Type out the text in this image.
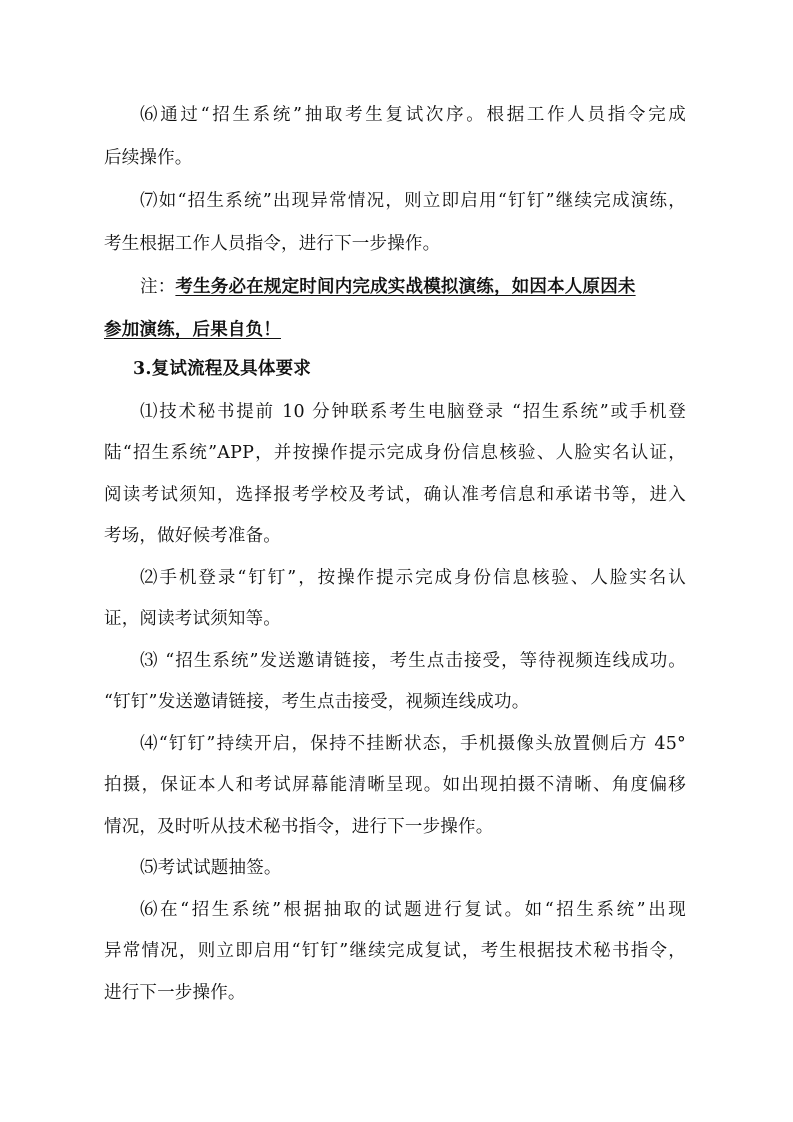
⑹通过“招生系统”抽取考生复试次序。根据工作人员指令完成
后续操作。
⑺如“招生系统”出现异常情况，则立即启用“钉钉”继续完成演练，
考生根据工作人员指令，进行下一步操作。
注：考生务必在规定时间内完成实战模拟演练，如因本人原因未
参加演练，后果自负！
3.复试流程及具体要求
⑴技术秘书提前 10 分钟联系考生电脑登录 “招生系统”或手机登
陆“招生系统”APP，并按操作提示完成身份信息核验、人脸实名认证，
阅读考试须知，选择报考学校及考试，确认准考信息和承诺书等，进入
考场，做好候考准备。
⑵手机登录“钉钉”，按操作提示完成身份信息核验、人脸实名认
证，阅读考试须知等。
⑶ “招生系统”发送邀请链接，考生点击接受，等待视频连线成功。
“钉钉”发送邀请链接，考生点击接受，视频连线成功。
⑷“钉钉”持续开启，保持不挂断状态，手机摄像头放置侧后方 45°
拍摄，保证本人和考试屏幕能清晰呈现。如出现拍摄不清晰、角度偏移
情况，及时听从技术秘书指令，进行下一步操作。
⑸考试试题抽签。
⑹在“招生系统”根据抽取的试题进行复试。如“招生系统”出现
异常情况，则立即启用“钉钉”继续完成复试，考生根据技术秘书指令，
进行下一步操作。
